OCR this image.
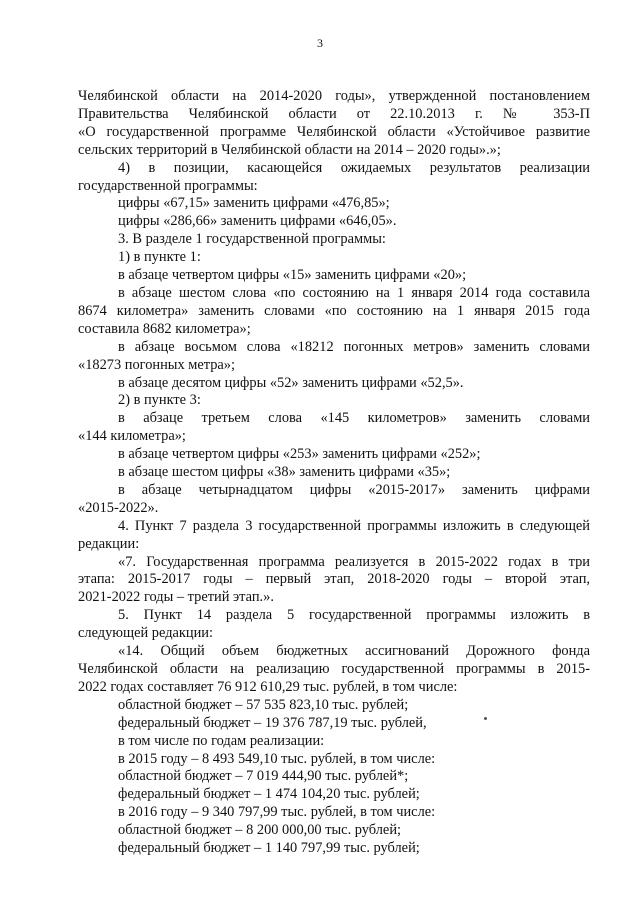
3

Челябинской области на 2014-2020 годы», утвержденной постановлением

Правительства Челябинской области от 22.10.2013 г. № 353-П

«О государственной программе Челябинской области «Устойчивое развитие

сельских территорий в Челябинской области на 2014 – 2020 годы».»;

4) в позиции, касающейся ожидаемых результатов реализации

государственной программы:

цифры «67,15» заменить цифрами «476,85»;

цифры «286,66» заменить цифрами «646,05».

3. В разделе 1 государственной программы:

1) в пункте 1:

в абзаце четвертом цифры «15» заменить цифрами «20»;

в абзаце шестом слова «по состоянию на 1 января 2014 года составила

8674 километра» заменить словами «по состоянию на 1 января 2015 года

составила 8682 километра»;

в абзаце восьмом слова «18212 погонных метров» заменить словами

«18273 погонных метра»;

в абзаце десятом цифры «52» заменить цифрами «52,5».

2) в пункте 3:

в абзаце третьем слова «145 километров» заменить словами

«144 километра»;

в абзаце четвертом цифры «253» заменить цифрами «252»;

в абзаце шестом цифры «38» заменить цифрами «35»;

в абзаце четырнадцатом цифры «2015-2017» заменить цифрами

«2015-2022».

4. Пункт 7 раздела 3 государственной программы изложить в следующей

редакции:

«7. Государственная программа реализуется в 2015-2022 годах в три

этапа: 2015-2017 годы – первый этап, 2018-2020 годы – второй этап,

2021-2022 годы – третий этап.».

5. Пункт 14 раздела 5 государственной программы изложить в

следующей редакции:

«14. Общий объем бюджетных ассигнований Дорожного фонда

Челябинской области на реализацию государственной программы в 2015-

2022 годах составляет 76 912 610,29 тыс. рублей, в том числе:

областной бюджет – 57 535 823,10 тыс. рублей;

федеральный бюджет – 19 376 787,19 тыс. рублей,

в том числе по годам реализации:

в 2015 году – 8 493 549,10 тыс. рублей, в том числе:

областной бюджет – 7 019 444,90 тыс. рублей*;

федеральный бюджет – 1 474 104,20 тыс. рублей;

в 2016 году – 9 340 797,99 тыс. рублей, в том числе:

областной бюджет – 8 200 000,00 тыс. рублей;

федеральный бюджет – 1 140 797,99 тыс. рублей;
